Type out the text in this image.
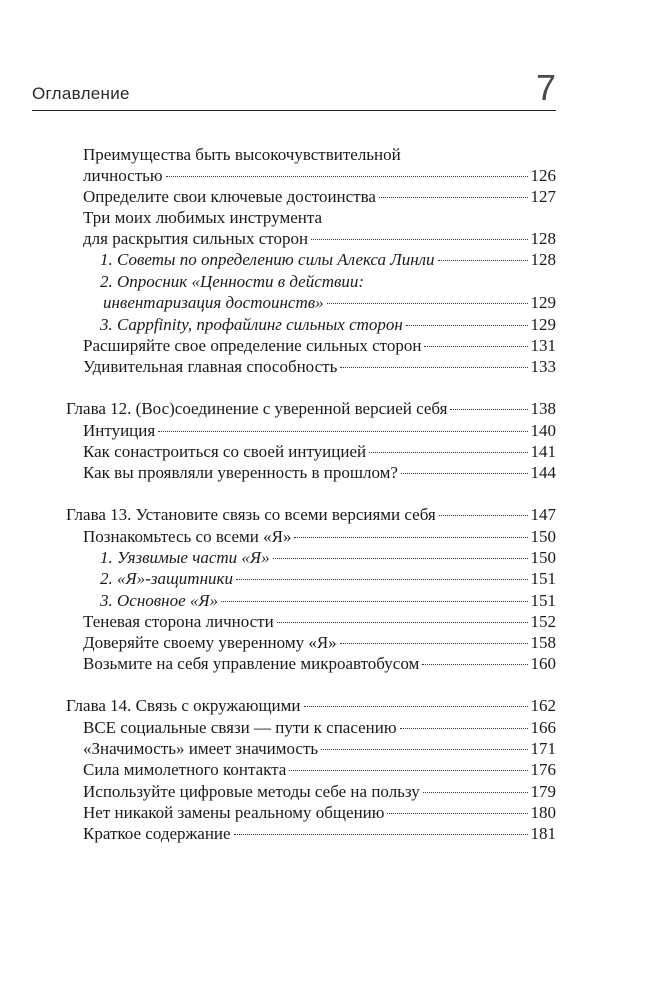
Оглавление	7
Преимущества быть высокочувствительной
личностью	126
Определите свои ключевые достоинства	127
Три моих любимых инструмента
для раскрытия сильных сторон	128
1. Советы по определению силы Алекса Линли	128
2. Опросник «Ценности в действии:
инвентаризация достоинств»	129
3. Cappfinity, профайлинг сильных сторон	129
Расширяйте свое определение сильных сторон	131
Удивительная главная способность	133
Глава 12. (Вос)соединение с уверенной версией себя	138
Интуиция	140
Как сонастроиться со своей интуицией	141
Как вы проявляли уверенность в прошлом?	144
Глава 13. Установите связь со всеми версиями себя	147
Познакомьтесь со всеми «Я»	150
1. Уязвимые части «Я»	150
2. «Я»-защитники	151
3. Основное «Я»	151
Теневая сторона личности	152
Доверяйте своему уверенному «Я»	158
Возьмите на себя управление микроавтобусом	160
Глава 14. Связь с окружающими	162
ВСЕ социальные связи — пути к спасению	166
«Значимость» имеет значимость	171
Сила мимолетного контакта	176
Используйте цифровые методы себе на пользу	179
Нет никакой замены реальному общению	180
Краткое содержание	181
